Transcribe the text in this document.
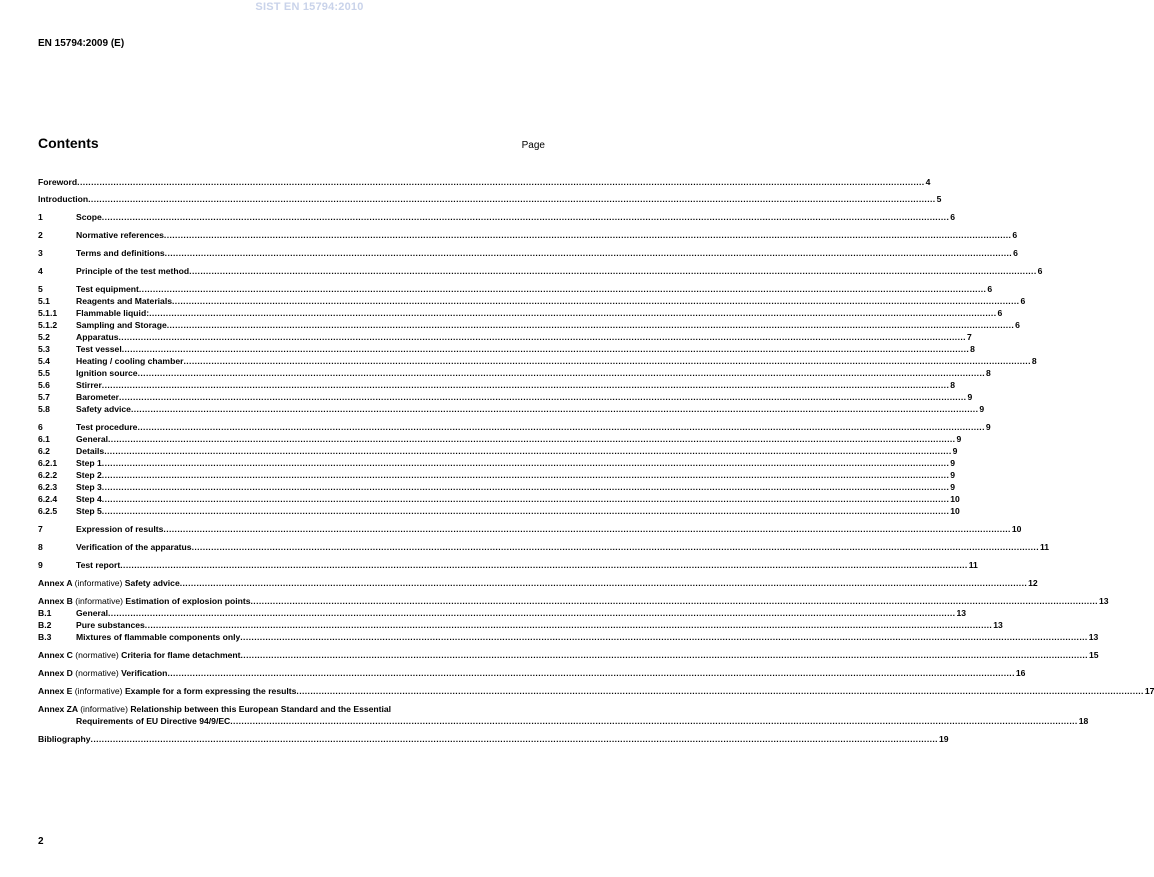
SIST EN 15794:2010
EN 15794:2009 (E)
Contents	Page
Foreword .....	4
Introduction .....	5
1	Scope .....	6
2	Normative references .....	6
3	Terms and definitions .....	6
4	Principle of the test method .....	6
5	Test equipment .....	6
5.1	Reagents and Materials .....	6
5.1.1	Flammable liquid: .....	6
5.1.2	Sampling and Storage .....	6
5.2	Apparatus .....	7
5.3	Test vessel .....	8
5.4	Heating / cooling chamber .....	8
5.5	Ignition source .....	8
5.6	Stirrer .....	8
5.7	Barometer .....	9
5.8	Safety advice .....	9
6	Test procedure .....	9
6.1	General .....	9
6.2	Details .....	9
6.2.1	Step 1 .....	9
6.2.2	Step 2 .....	9
6.2.3	Step 3 .....	9
6.2.4	Step 4 .....	10
6.2.5	Step 5 .....	10
7	Expression of results .....	10
8	Verification of the apparatus .....	11
9	Test report .....	11
Annex A (informative) Safety advice .....	12
Annex B (informative) Estimation of explosion points .....	13
B.1	General .....	13
B.2	Pure substances .....	13
B.3	Mixtures of flammable components only .....	13
Annex C (normative) Criteria for flame detachment .....	15
Annex D (normative) Verification .....	16
Annex E (informative) Example for a form expressing the results .....	17
Annex ZA (informative) Relationship between this European Standard and the Essential
Requirements of EU Directive 94/9/EC .....	18
Bibliography .....	19
2
